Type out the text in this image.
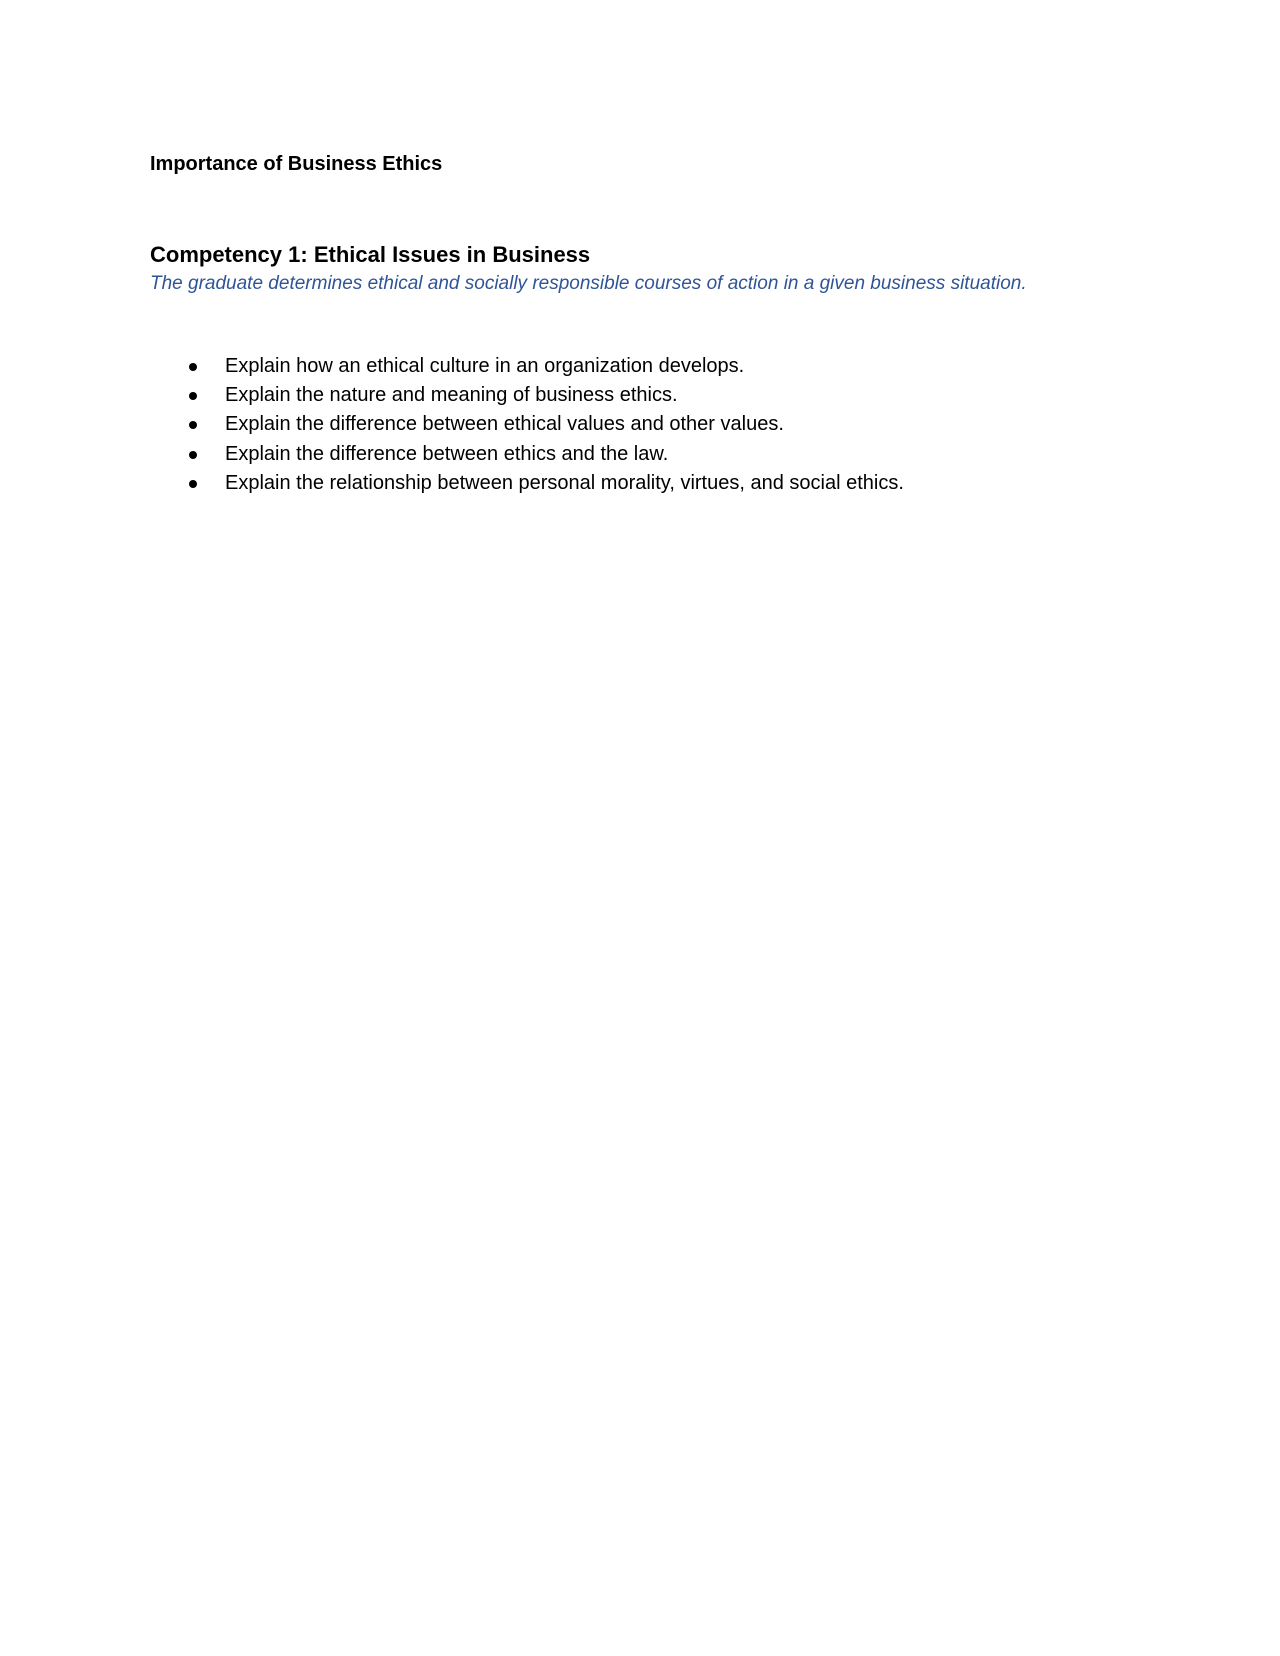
Importance of Business Ethics
Competency 1: Ethical Issues in Business

The graduate determines ethical and socially responsible courses of action in a given business situation.

Explain how an ethical culture in an organization develops.
Explain the nature and meaning of business ethics.
Explain the difference between ethical values and other values.
Explain the difference between ethics and the law.
Explain the relationship between personal morality, virtues, and social ethics.
